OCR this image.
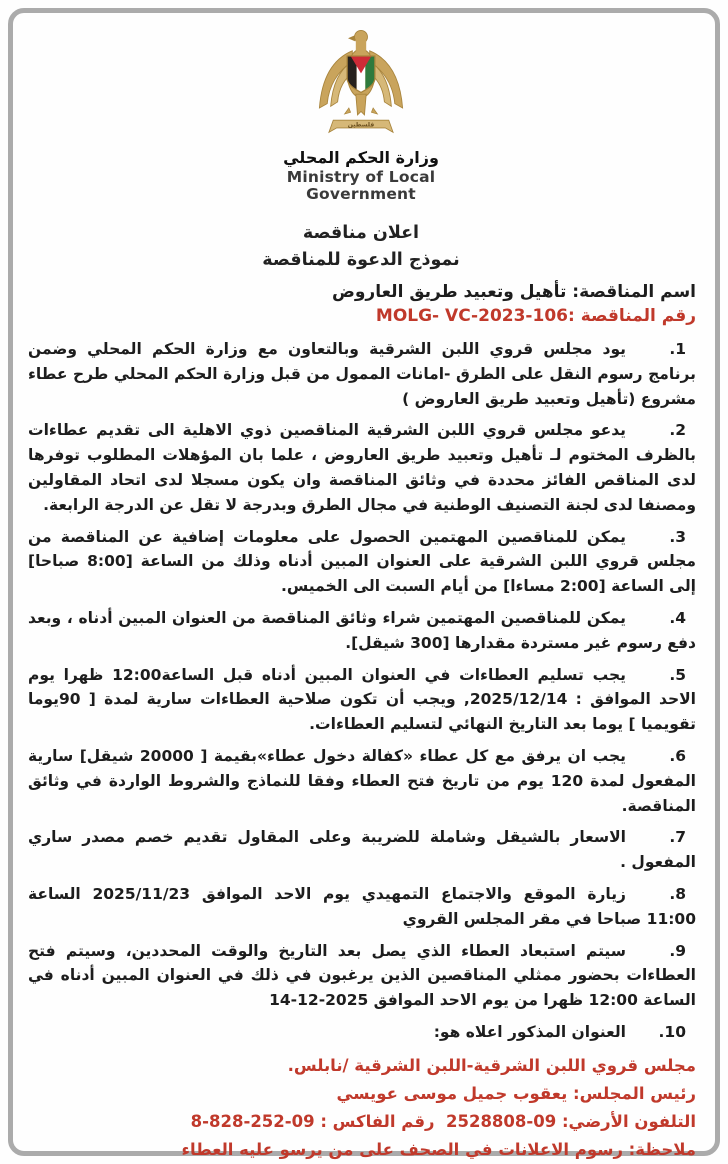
فلسطين
وزارة الحكم المحلي
Ministry of Local
Government
اعلان مناقصة
نموذج الدعوة للمناقصة
اسم المناقصة: تأهيل وتعبيد طريق العاروض
رقم المناقصة :MOLG- VC-2023-106
1.
يود مجلس قروي اللبن الشرقية وبالتعاون مع وزارة الحكم المحلي وضمن برنامج رسوم النقل على الطرق -امانات الممول من قبل وزارة الحكم المحلي طرح عطاء مشروع (تأهيل وتعبيد طريق العاروض )
2.
يدعو مجلس قروي اللبن الشرقية المناقصين ذوي الاهلية الى تقديم عطاءات بالظرف المختوم لـ تأهيل وتعبيد طريق العاروض ، علما بان المؤهلات المطلوب توفرها لدى المناقص الفائز محددة في وثائق المناقصة وان يكون مسجلا لدى اتحاد المقاولين ومصنفا لدى لجنة التصنيف الوطنية في مجال الطرق وبدرجة لا تقل عن الدرجة الرابعة.
3.
يمكن للمناقصين المهتمين الحصول على معلومات إضافية عن المناقصة من مجلس قروي اللبن الشرقية على العنوان المبين أدناه وذلك من الساعة [8:00 صباحا] إلى الساعة [2:00 مساءا] من أيام السبت الى الخميس.
4.
يمكن للمناقصين المهتمين شراء وثائق المناقصة من العنوان المبين أدناه ، وبعد دفع رسوم غير مستردة مقدارها [300 شيقل].
5.
يجب تسليم العطاءات في العنوان المبين أدناه قبل الساعة12:00 ظهرا يوم الاحد الموافق : 2025/12/14, ويجب أن تكون صلاحية العطاءات سارية لمدة [ 90يوما تقويميا ] يوما بعد التاريخ النهائي لتسليم العطاءات.
6.
يجب ان يرفق مع كل عطاء «كفالة دخول عطاء»بقيمة [ 20000 شيقل] سارية المفعول لمدة 120 يوم من تاريخ فتح العطاء وفقا للنماذج والشروط الواردة في وثائق المناقصة.
7.
الاسعار بالشيقل وشاملة للضريبة وعلى المقاول تقديم خصم مصدر ساري المفعول .
8.
زيارة الموقع والاجتماع التمهيدي يوم الاحد الموافق 2025/11/23 الساعة 11:00 صباحا في مقر المجلس القروي
9.
سيتم استبعاد العطاء الذي يصل بعد التاريخ والوقت المحددين، وسيتم فتح العطاءات بحضور ممثلي المناقصين الذين يرغبون في ذلك في العنوان المبين أدناه في الساعة 12:00 ظهرا من يوم الاحد الموافق 2025-12-14
10.
العنوان المذكور اعلاه هو:
مجلس قروي اللبن الشرقية-اللبن الشرقية /نابلس.
رئيس المجلس: يعقوب جميل موسى عويسي
التلفون الأرضي: 09-2528808  رقم الفاكس : 09-252-828-8
ملاحظة: رسوم الاعلانات في الصحف على من يرسو عليه العطاء
